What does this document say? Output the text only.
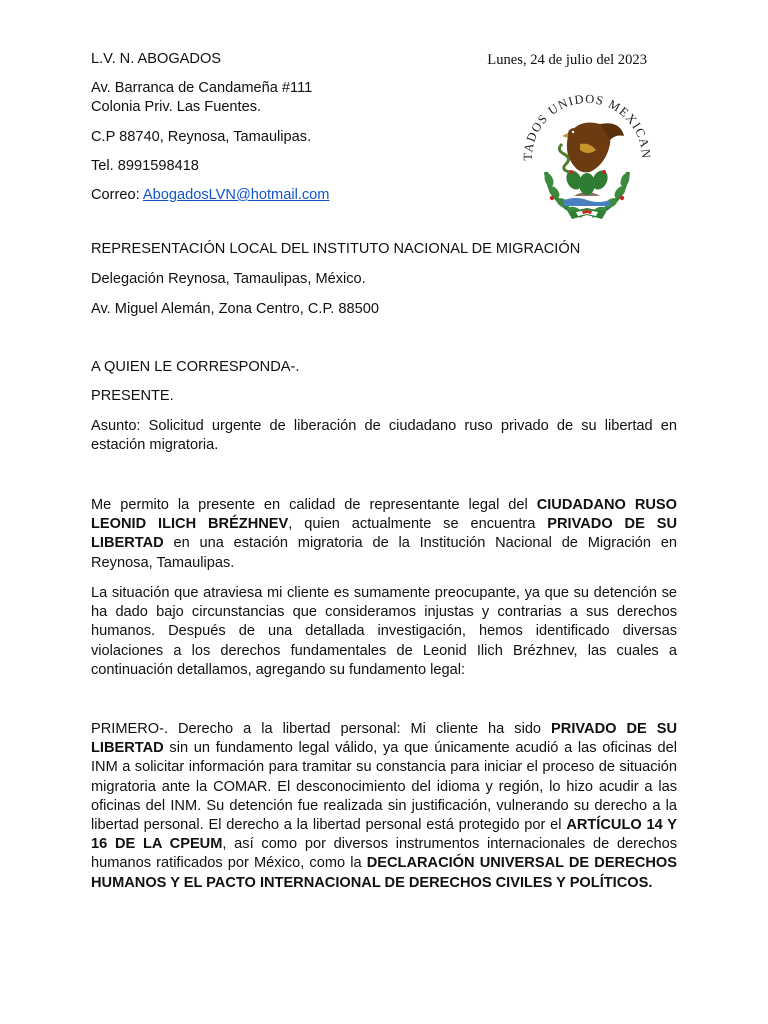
L.V. N. ABOGADOS

Av. Barranca de Candameña #111

Colonia Priv. Las Fuentes.

C.P 88740, Reynosa, Tamaulipas.

Tel. 8991598418

Correo: AbogadosLVN@hotmail.com

Lunes, 24 de julio del 2023
TADOS UNIDOS MEXICAN

REPRESENTACIÓN LOCAL DEL INSTITUTO NACIONAL DE MIGRACIÓN

Delegación Reynosa, Tamaulipas, México.

Av. Miguel Alemán, Zona Centro, C.P. 88500

A QUIEN LE CORRESPONDA-.

PRESENTE.

Asunto: Solicitud urgente de liberación de ciudadano ruso privado de su libertad en estación migratoria.

Me permito la presente en calidad de representante legal del CIUDADANO RUSO LEONID ILICH BRÉZHNEV, quien actualmente se encuentra PRIVADO DE SU LIBERTAD en una estación migratoria de la Institución Nacional de Migración en Reynosa, Tamaulipas.

La situación que atraviesa mi cliente es sumamente preocupante, ya que su detención se ha dado bajo circunstancias que consideramos injustas y contrarias a sus derechos humanos. Después de una detallada investigación, hemos identificado diversas violaciones a los derechos fundamentales de Leonid Ilich Brézhnev, las cuales a continuación detallamos, agregando su fundamento legal:

PRIMERO-. Derecho a la libertad personal: Mi cliente ha sido PRIVADO DE SU LIBERTAD sin un fundamento legal válido, ya que únicamente acudió a las oficinas del INM a solicitar información para tramitar su constancia para iniciar el proceso de situación migratoria ante la COMAR. El desconocimiento del idioma y región, lo hizo acudir a las oficinas del INM. Su detención fue realizada sin justificación, vulnerando su derecho a la libertad personal. El derecho a la libertad personal está protegido por el ARTÍCULO 14 Y 16 DE LA CPEUM, así como por diversos instrumentos internacionales de derechos humanos ratificados por México, como la DECLARACIÓN UNIVERSAL DE DERECHOS HUMANOS Y EL PACTO INTERNACIONAL DE DERECHOS CIVILES Y POLÍTICOS.
